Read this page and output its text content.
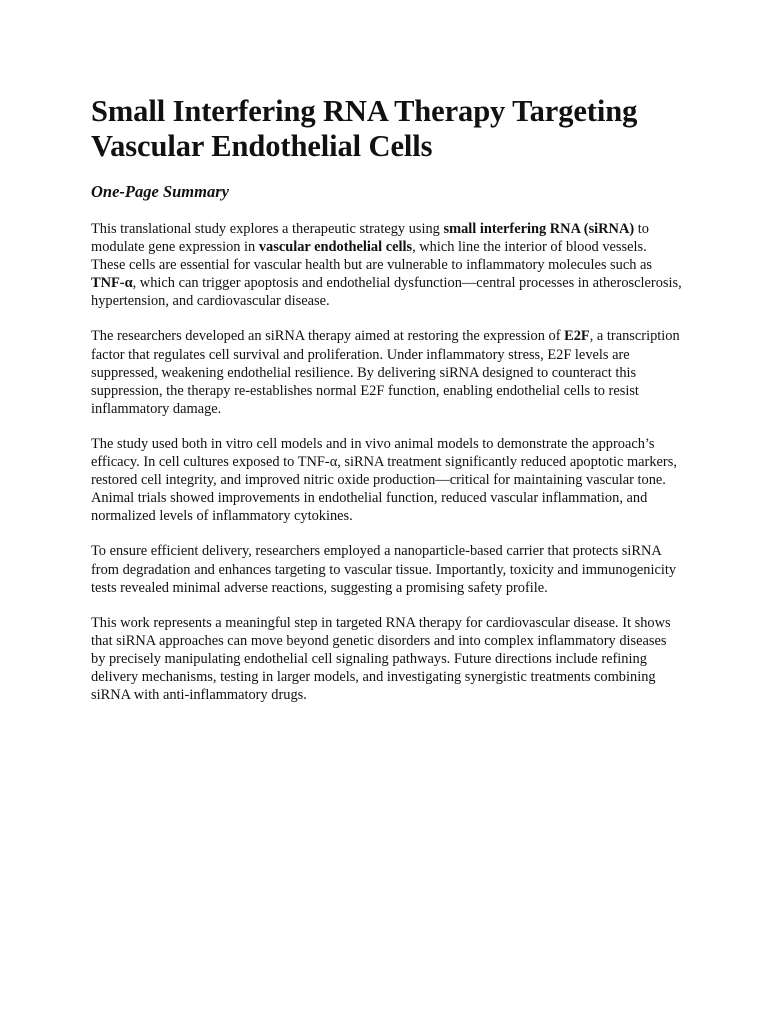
Small Interfering RNA Therapy Targeting Vascular Endothelial Cells
One-Page Summary

This translational study explores a therapeutic strategy using small interfering RNA (siRNA) to modulate gene expression in vascular endothelial cells, which line the interior of blood vessels. These cells are essential for vascular health but are vulnerable to inflammatory molecules such as TNF-α, which can trigger apoptosis and endothelial dysfunction—central processes in atherosclerosis, hypertension, and cardiovascular disease.

The researchers developed an siRNA therapy aimed at restoring the expression of E2F, a transcription factor that regulates cell survival and proliferation. Under inflammatory stress, E2F levels are suppressed, weakening endothelial resilience. By delivering siRNA designed to counteract this suppression, the therapy re-establishes normal E2F function, enabling endothelial cells to resist inflammatory damage.

The study used both in vitro cell models and in vivo animal models to demonstrate the approach’s efficacy. In cell cultures exposed to TNF-α, siRNA treatment significantly reduced apoptotic markers, restored cell integrity, and improved nitric oxide production—critical for maintaining vascular tone. Animal trials showed improvements in endothelial function, reduced vascular inflammation, and normalized levels of inflammatory cytokines.

To ensure efficient delivery, researchers employed a nanoparticle-based carrier that protects siRNA from degradation and enhances targeting to vascular tissue. Importantly, toxicity and immunogenicity tests revealed minimal adverse reactions, suggesting a promising safety profile.

This work represents a meaningful step in targeted RNA therapy for cardiovascular disease. It shows that siRNA approaches can move beyond genetic disorders and into complex inflammatory diseases by precisely manipulating endothelial cell signaling pathways. Future directions include refining delivery mechanisms, testing in larger models, and investigating synergistic treatments combining siRNA with anti-inflammatory drugs.
